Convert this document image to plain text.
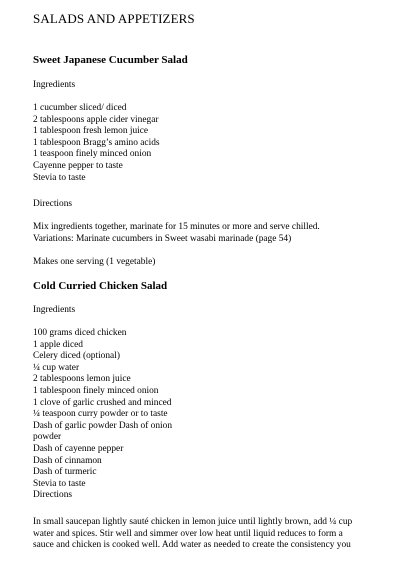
SALADS AND APPETIZERS
Sweet Japanese Cucumber Salad
Ingredients
1 cucumber sliced/ diced
2 tablespoons apple cider vinegar
1 tablespoon fresh lemon juice
1 tablespoon Bragg’s amino acids
1 teaspoon finely minced onion
Cayenne pepper to taste
Stevia to taste
Directions
Mix ingredients together, marinate for 15 minutes or more and serve chilled.
Variations: Marinate cucumbers in Sweet wasabi marinade (page 54)
Makes one serving (1 vegetable)
Cold Curried Chicken Salad
Ingredients
100 grams diced chicken
1 apple diced
Celery diced (optional)
¼ cup water
2 tablespoons lemon juice
1 tablespoon finely minced onion
1 clove of garlic crushed and minced
¼ teaspoon curry powder or to taste
Dash of garlic powder Dash of onion
powder
Dash of cayenne pepper
Dash of cinnamon
Dash of turmeric
Stevia to taste
Directions
In small saucepan lightly sauté chicken in lemon juice until lightly brown, add ¼ cup
water and spices. Stir well and simmer over low heat until liquid reduces to form a
sauce and chicken is cooked well. Add water as needed to create the consistency you
